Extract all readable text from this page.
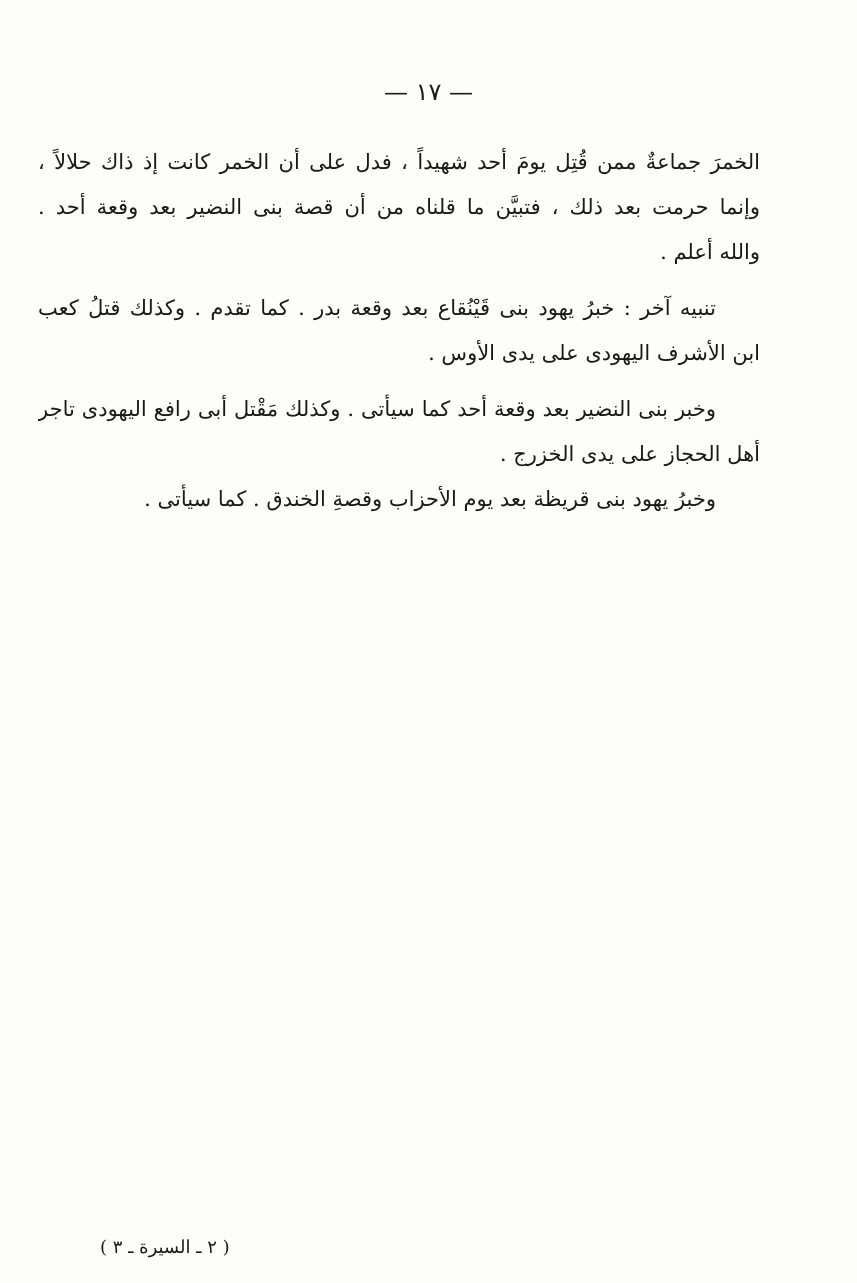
— ١٧ —
الخمرَ جماعةٌ ممن قُتِل يومَ أحد شهيداً ، فدل على أن الخمر كانت إذ ذاك حلالاً ،
وإنما حرمت بعد ذلك ، فتبيَّن ما قلناه من أن قصة بنى النضير بعد وقعة أحد .
والله أعلم .
تنبيه آخر : خبرُ يهود بنى قَيْنُقاع بعد وقعة بدر . كما تقدم . وكذلك قتلُ كعب
ابن الأشرف اليهودى على يدى الأوس .
وخبر بنى النضير بعد وقعة أحد كما سيأتى . وكذلك مَقْتل أبى رافع اليهودى تاجر
أهل الحجاز على يدى الخزرج .
وخبرُ يهود بنى قريظة بعد يوم الأحزاب وقصةِ الخندق . كما سيأتى .
( ٢ ـ السيرة ـ ٣ )
